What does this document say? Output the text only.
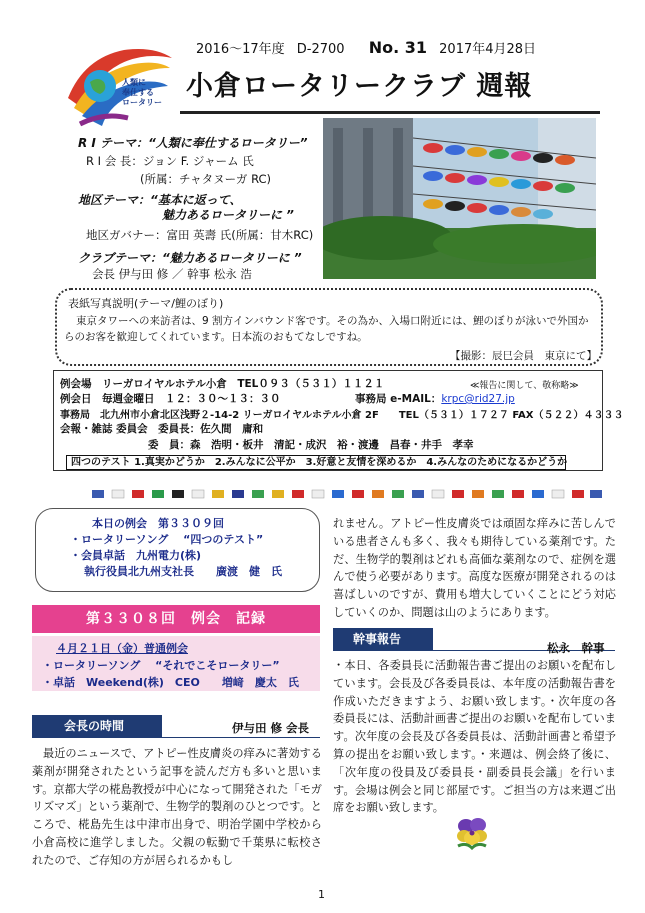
人類に
奉仕する
ロータリー
2016～17年度 D-2700 No. 31 2017年4月28日
小倉ロータリークラブ 週報
R I テーマ：“人類に奉仕するロータリー”
R I 会 長：ジョン F. ジャーム 氏
(所属：チャタヌーガ RC)
地区テーマ：“基本に返って、
魅力あるロータリーに ”
地区ガバナー：富田 英壽 氏(所属：甘木RC)
クラブテーマ：“魅力あるロータリーに ”
会長 伊与田 修 ／ 幹事 松永 浩
表紙写真説明(テーマ/鯉のぼり)
東京タワーへの来訪者は、9 割方インバウンド客です。その為か、入場口附近には、鯉のぼりが泳いで外国からのお客を歓迎してくれています。日本流のおもてなしですね。
【撮影：辰巳会員　東京にて】
例会場　リーガロイヤルホテル小倉　TEL０９３（５３１）１１２１	≪報告に関して、敬称略≫
例会日　毎週金曜日　１２：３０～１３：３０	事務局 e-MAIL：krpc@rid27.jp
事務局　北九州市小倉北区浅野２-14-2 リーガロイヤルホテル小倉 2F　　TEL（５３１）１７２７ FAX（５２２）４３３３
会報・雑誌 委員会　委員長：佐久間　庸和
委　員：森　浩明・板井　清記・成沢　裕・渡邊　昌春・井手　孝幸
四つのテスト 1.真実かどうか　2.みんなに公平か　3.好意と友情を深めるか　4.みんなのためになるかどうか
本日の例会　第３３０９回
・ロータリーソング　 “四つのテスト”
・会員卓話　九州電力(株)
執行役員北九州支社長　　廣渡　健　氏
第３３０８回　例会　記録
４月２１日（金）普通例会
・ロータリーソング　 “それでこそロータリー”
・卓話　Weekend(株)　CEO　　増﨑　慶太　氏
会長の時間	伊与田 修 会長
最近のニュースで、アトピー性皮膚炎の痒みに著効する薬剤が開発されたという記事を読んだ方も多いと思います。京都大学の椛島教授が中心になって開発された「モガリズマズ」という薬剤で、生物学的製剤のひとつです。ところで、椛島先生は中津市出身で、明治学園中学校から小倉高校に進学しました。父親の転勤で千葉県に転校されたので、ご存知の方が居られるかもし
れません。アトピー性皮膚炎では頑固な痒みに苦しんでいる患者さんも多く、我々も期待している薬剤です。ただ、生物学的製剤はどれも高価な薬剤なので、症例を選んで使う必要があります。高度な医療が開発されるのは喜ばしいのですが、費用も増大していくことにどう対応していくのか、問題は山のようにあります。
幹事報告
松永　幹事
・本日、各委員長に活動報告書ご提出のお願いを配布しています。会長及び各委員長は、本年度の活動報告書を作成いただきますよう、お願い致します。・次年度の各委員長には、活動計画書ご提出のお願いを配布しています。次年度の会長及び各委員長は、活動計画書と希望予算の提出をお願い致します。・来週は、例会終了後に、「次年度の役員及び委員長・副委員長会議」を行います。会場は例会と同じ部屋です。ご担当の方は来週ご出席をお願い致します。
1
